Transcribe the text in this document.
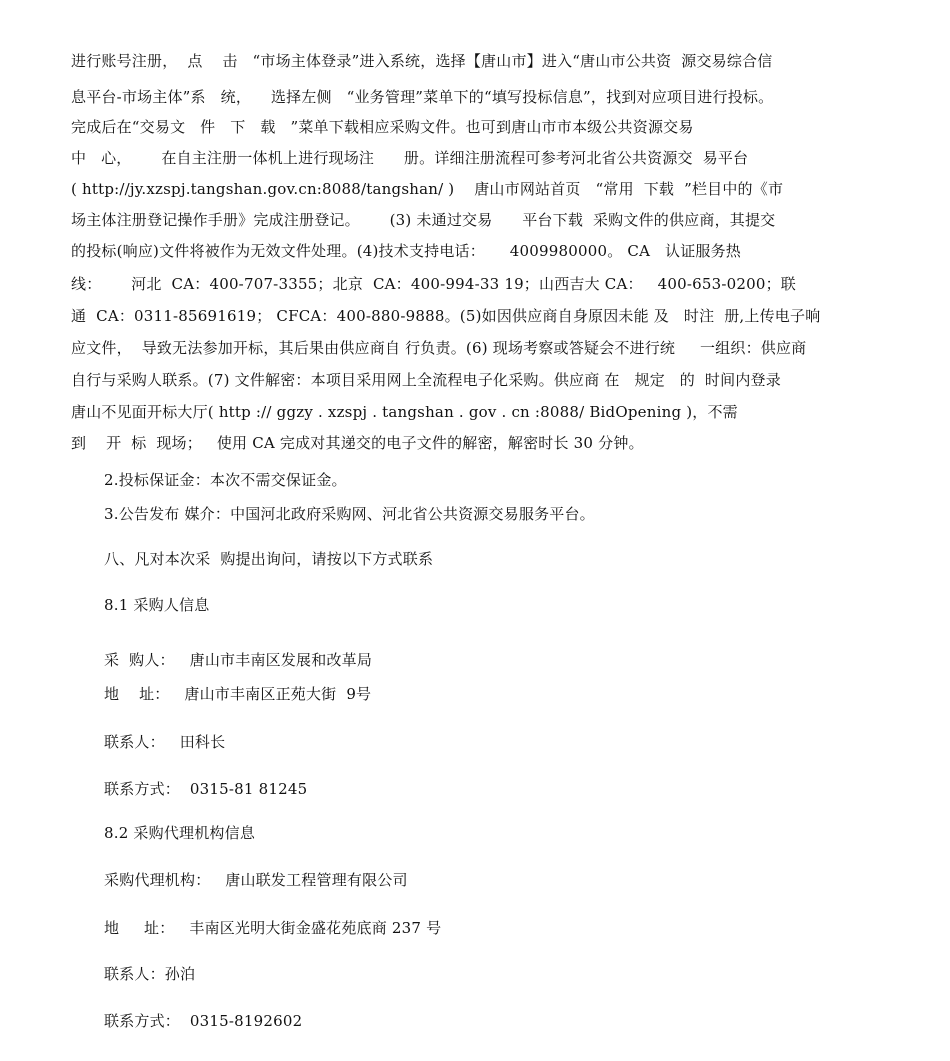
进行账号注册，  点    击   “市场主体登录”进入系统，选择【唐山市】进入“唐山市公共资  源交易综合信
息平台-市场主体”系   统，    选择左侧   “业务管理”菜单下的“填写投标信息”，找到对应项目进行投标。
完成后在“交易文   件   下   载   ”菜单下载相应采购文件。也可到唐山市市本级公共资源交易
中   心，      在自主注册一体机上进行现场注      册。详细注册流程可参考河北省公共资源交  易平台
( http://jy.xzspj.tangshan.gov.cn:8088/tangshan/ )    唐山市网站首页   “常用  下载  ”栏目中的《市
场主体注册登记操作手册》完成注册登记。      (3) 未通过交易      平台下载  采购文件的供应商，其提交
的投标(响应)文件将被作为无效文件处理。(4)技术支持电话：     4009980000。 CA   认证服务热
线：      河北  CA：400-707-3355；北京  CA：400-994-33 19；山西吉大 CA：   400-653-0200；联
通  CA：0311-85691619； CFCA：400-880-9888。(5)如因供应商自身原因未能 及   时注  册,上传电子响
应文件，  导致无法参加开标，其后果由供应商自 行负责。(6) 现场考察或答疑会不进行统     一组织：供应商
自行与采购人联系。(7) 文件解密：本项目采用网上全流程电子化采购。供应商 在   规定   的  时间内登录
唐山不见面开标大厅( http :// ggzy . xzspj . tangshan . gov . cn :8088/ BidOpening )，不需
到    开  标  现场；   使用 CA 完成对其递交的电子文件的解密，解密时长 30 分钟。
2.投标保证金：本次不需交保证金。
3.公告发布 媒介：中国河北政府采购网、河北省公共资源交易服务平台。
八、凡对本次采  购提出询问，请按以下方式联系
8.1 采购人信息
采  购人：   唐山市丰南区发展和改革局
地    址：   唐山市丰南区正苑大街  9号
联系人：   田科长
联系方式：  0315-81 81245
8.2 采购代理机构信息
采购代理机构：   唐山联发工程管理有限公司
地     址：   丰南区光明大街金盛花苑底商 237 号
联系人：孙泊
联系方式：  0315-8192602
